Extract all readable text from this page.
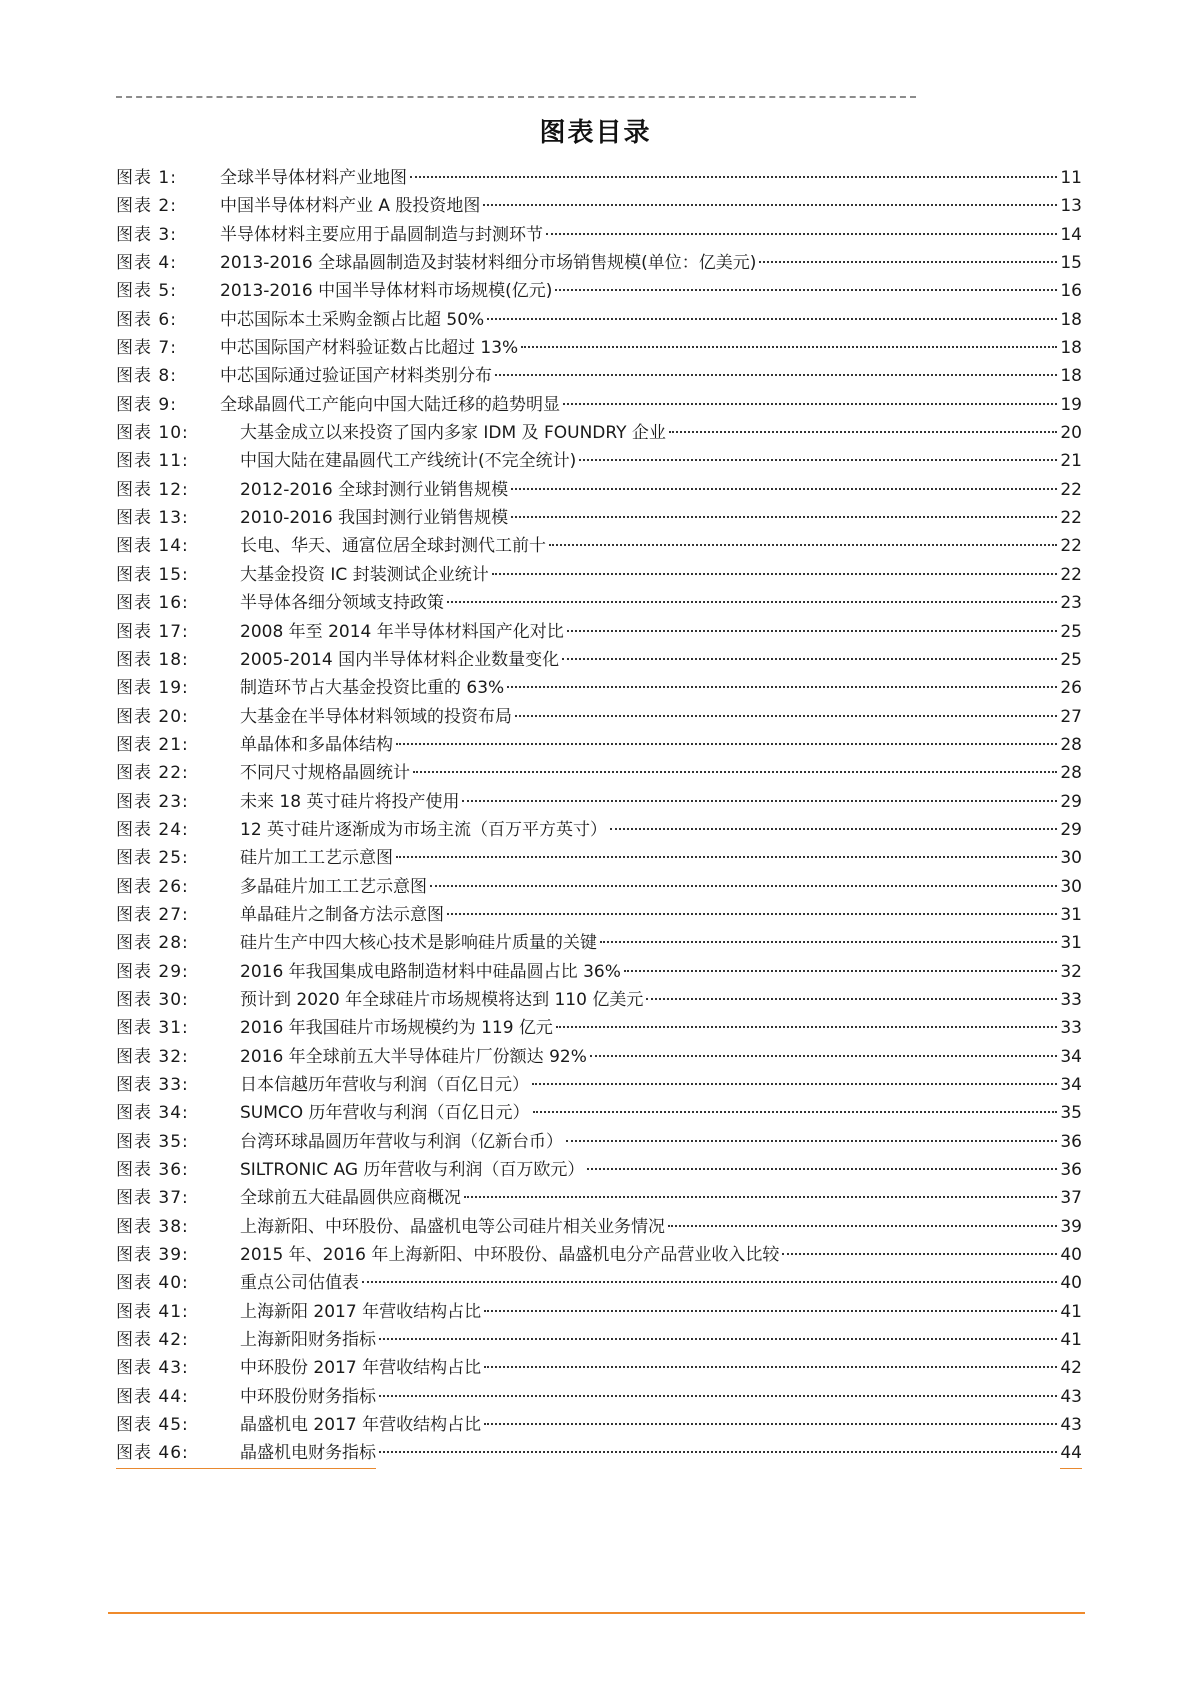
图表目录
图表 1:	全球半导体材料产业地图	11
图表 2:	中国半导体材料产业 A 股投资地图	13
图表 3:	半导体材料主要应用于晶圆制造与封测环节	14
图表 4:	2013-2016 全球晶圆制造及封装材料细分市场销售规模(单位：亿美元)	15
图表 5:	2013-2016 中国半导体材料市场规模(亿元)	16
图表 6:	中芯国际本土采购金额占比超 50%	18
图表 7:	中芯国际国产材料验证数占比超过 13%	18
图表 8:	中芯国际通过验证国产材料类别分布	18
图表 9:	全球晶圆代工产能向中国大陆迁移的趋势明显	19
图表 10:	大基金成立以来投资了国内多家 IDM 及 FOUNDRY 企业	20
图表 11:	中国大陆在建晶圆代工产线统计(不完全统计)	21
图表 12:	2012-2016 全球封测行业销售规模	22
图表 13:	2010-2016 我国封测行业销售规模	22
图表 14:	长电、华天、通富位居全球封测代工前十	22
图表 15:	大基金投资 IC 封装测试企业统计	22
图表 16:	半导体各细分领域支持政策	23
图表 17:	2008 年至 2014 年半导体材料国产化对比	25
图表 18:	2005-2014 国内半导体材料企业数量变化	25
图表 19:	制造环节占大基金投资比重的 63%	26
图表 20:	大基金在半导体材料领域的投资布局	27
图表 21:	单晶体和多晶体结构	28
图表 22:	不同尺寸规格晶圆统计	28
图表 23:	未来 18 英寸硅片将投产使用	29
图表 24:	12 英寸硅片逐渐成为市场主流（百万平方英寸）	29
图表 25:	硅片加工工艺示意图	30
图表 26:	多晶硅片加工工艺示意图	30
图表 27:	单晶硅片之制备方法示意图	31
图表 28:	硅片生产中四大核心技术是影响硅片质量的关键	31
图表 29:	2016 年我国集成电路制造材料中硅晶圆占比 36%	32
图表 30:	预计到 2020 年全球硅片市场规模将达到 110 亿美元	33
图表 31:	2016 年我国硅片市场规模约为 119 亿元	33
图表 32:	2016 年全球前五大半导体硅片厂份额达 92%	34
图表 33:	日本信越历年营收与利润（百亿日元）	34
图表 34:	SUMCO 历年营收与利润（百亿日元）	35
图表 35:	台湾环球晶圆历年营收与利润（亿新台币）	36
图表 36:	SILTRONIC AG 历年营收与利润（百万欧元）	36
图表 37:	全球前五大硅晶圆供应商概况	37
图表 38:	上海新阳、中环股份、晶盛机电等公司硅片相关业务情况	39
图表 39:	2015 年、2016 年上海新阳、中环股份、晶盛机电分产品营业收入比较	40
图表 40:	重点公司估值表	40
图表 41:	上海新阳 2017 年营收结构占比	41
图表 42:	上海新阳财务指标	41
图表 43:	中环股份 2017 年营收结构占比	42
图表 44:	中环股份财务指标	43
图表 45:	晶盛机电 2017 年营收结构占比	43
图表 46:	晶盛机电财务指标	44
